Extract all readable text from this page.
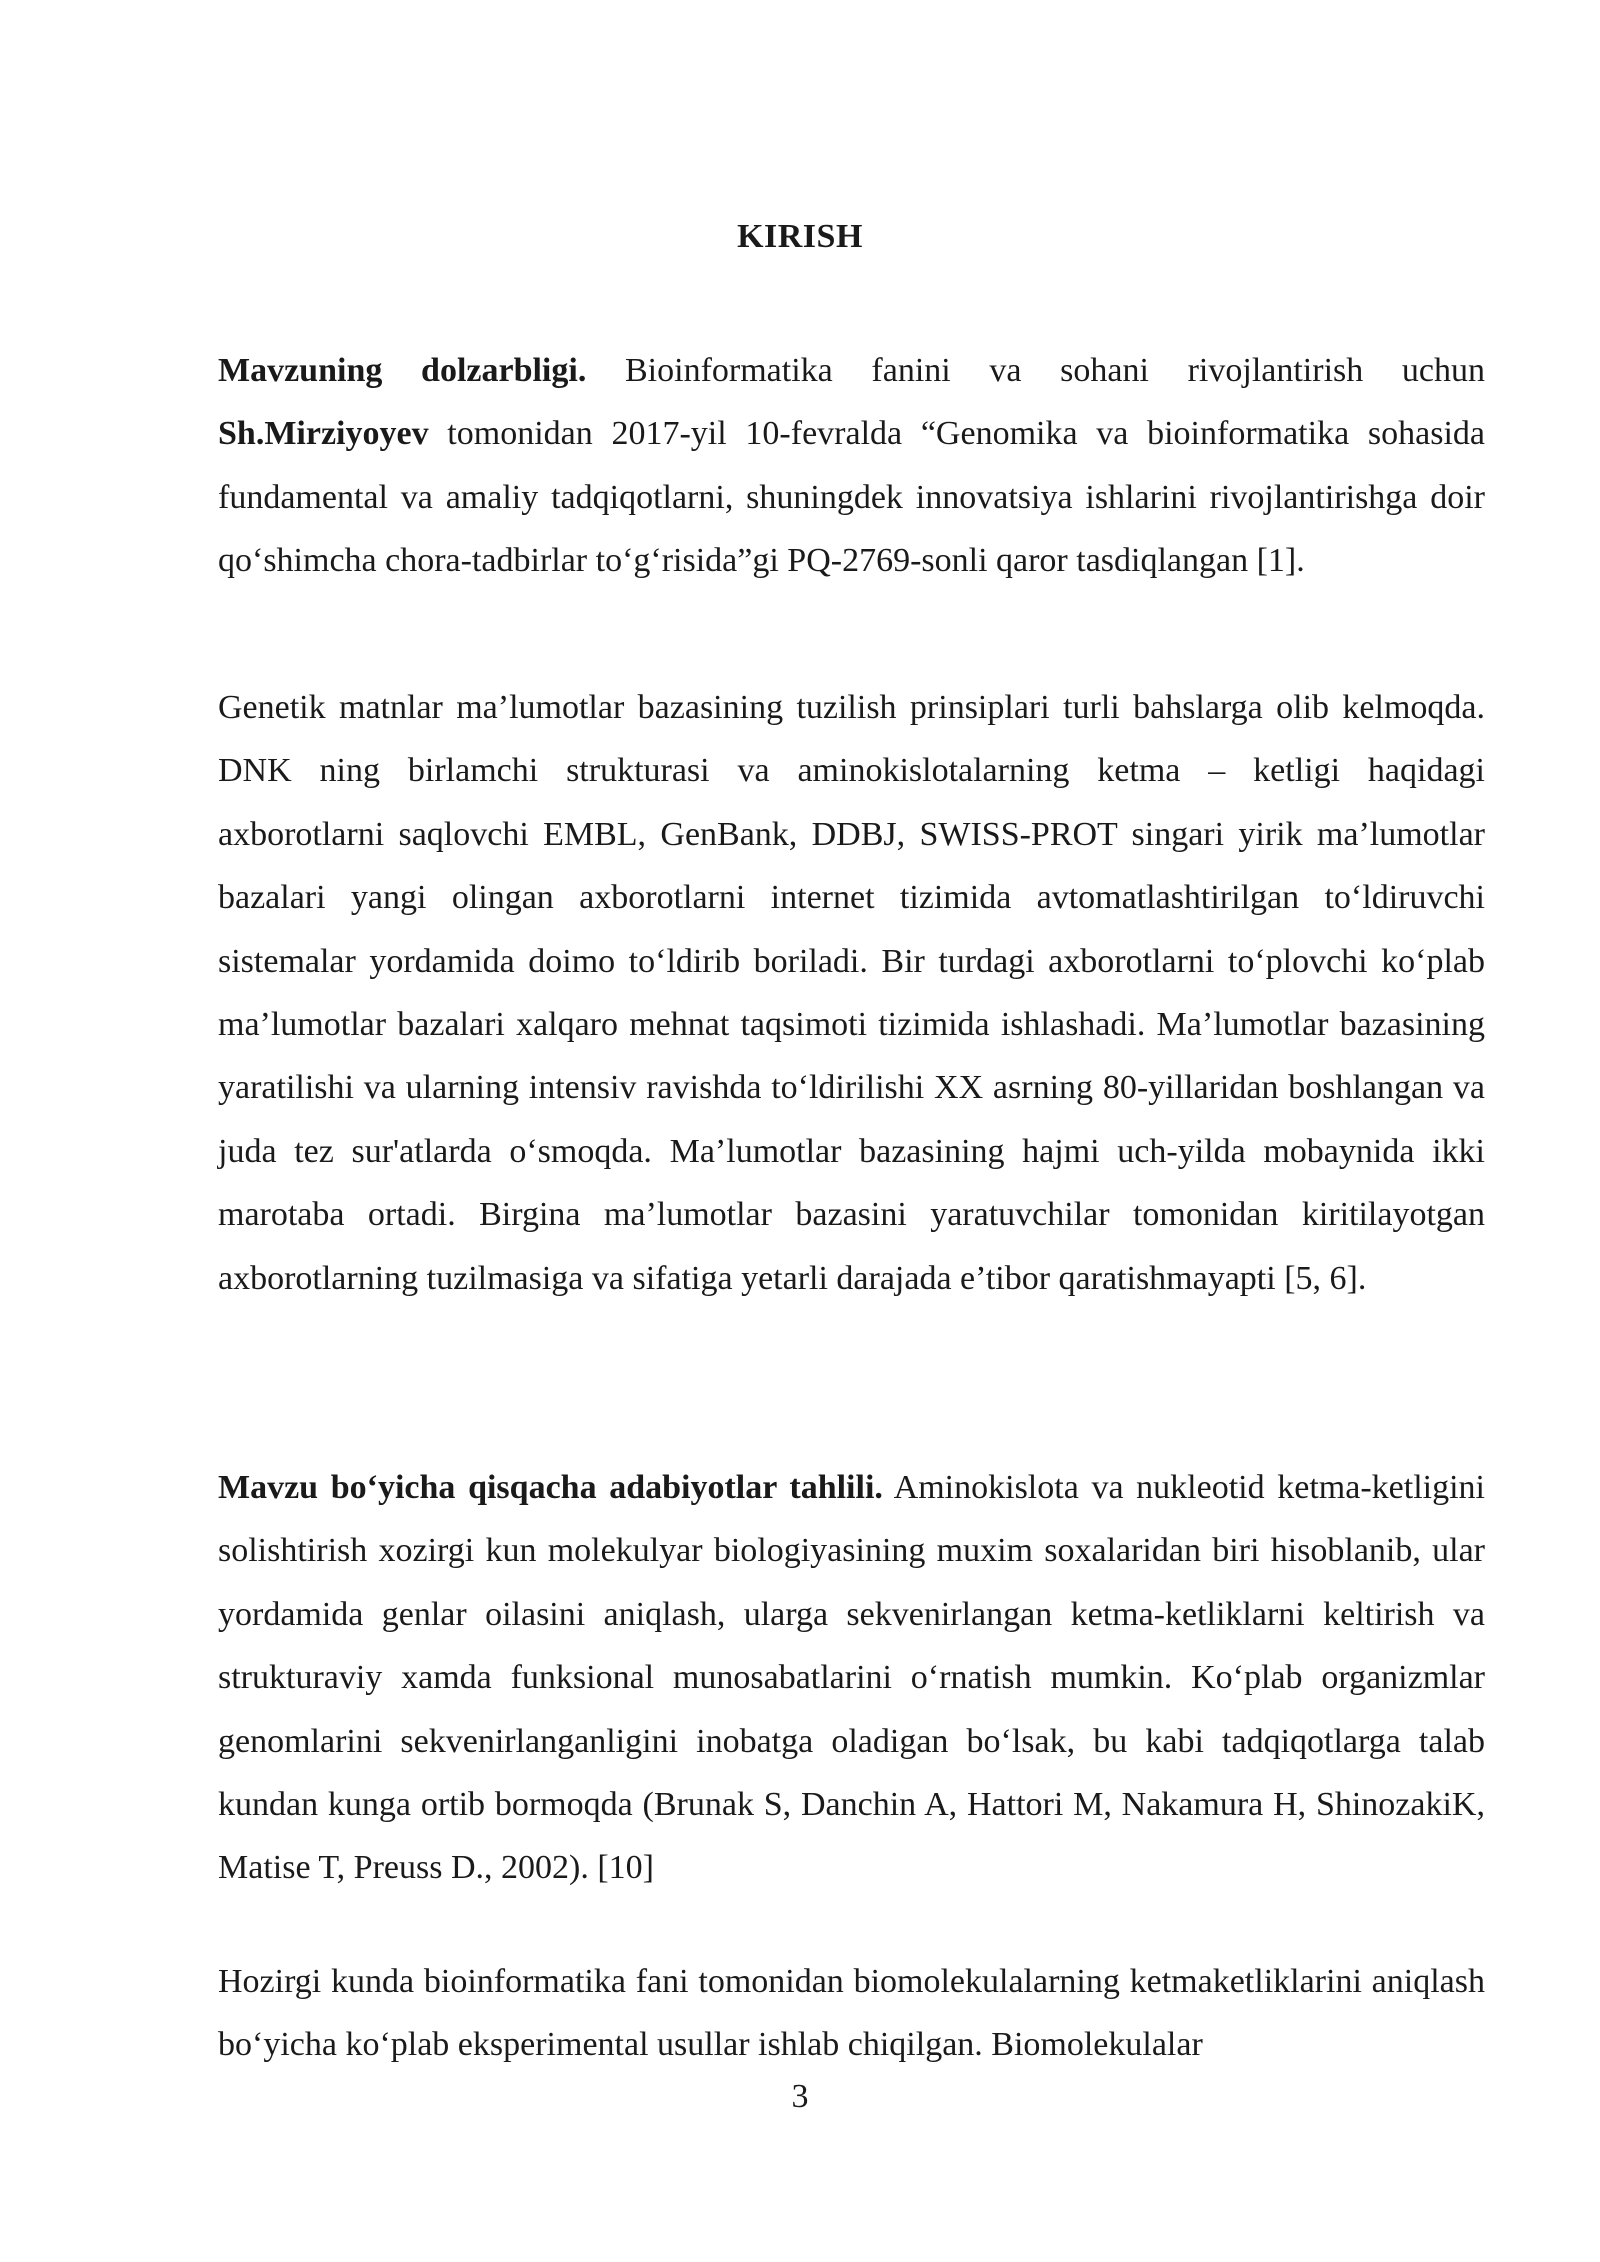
KIRISH

Mavzuning dolzarbligi. Bioinformatika fanini va sohani rivojlantirish uchun Sh.Mirziyoyev tomonidan 2017-yil 10-fevralda “Genomika va bioinformatika sohasida fundamental va amaliy tadqiqotlarni, shuningdek innovatsiya ishlarini rivojlantirishga doir qo‘shimcha chora-tadbirlar to‘g‘risida”gi PQ-2769-sonli qaror tasdiqlangan [1].

Genetik matnlar ma’lumotlar bazasining tuzilish prinsiplari turli bahslarga olib kelmoqda. DNK ning birlamchi strukturasi va aminokislotalarning ketma – ketligi haqidagi axborotlarni saqlovchi EMBL, GenBank, DDBJ, SWISS-PROT singari yirik ma’lumotlar bazalari yangi olingan axborotlarni internet tizimida avtomatlashtirilgan to‘ldiruvchi sistemalar yordamida doimo to‘ldirib boriladi. Bir turdagi axborotlarni to‘plovchi ko‘plab ma’lumotlar bazalari xalqaro mehnat taqsimoti tizimida ishlashadi. Ma’lumotlar bazasining yaratilishi va ularning intensiv ravishda to‘ldirilishi XX asrning 80-yillaridan boshlangan va juda tez sur'atlarda o‘smoqda. Ma’lumotlar bazasining hajmi uch-yilda mobaynida ikki marotaba ortadi. Birgina ma’lumotlar bazasini yaratuvchilar tomonidan kiritilayotgan axborotlarning tuzilmasiga va sifatiga yetarli darajada e’tibor qaratishmayapti [5, 6].

Mavzu bo‘yicha qisqacha adabiyotlar tahlili. Aminokislota va nukleotid ketma-ketligini solishtirish xozirgi kun molekulyar biologiyasining muxim soxalaridan biri hisoblanib, ular yordamida genlar oilasini aniqlash, ularga sekvenirlangan ketma-ketliklarni keltirish va strukturaviy xamda funksional munosabatlarini o‘rnatish mumkin. Ko‘plab organizmlar genomlarini sekvenirlanganligini inobatga oladigan bo‘lsak, bu kabi tadqiqotlarga talab kundan kunga ortib bormoqda (Brunak S, Danchin A, Hattori M, Nakamura H, ShinozakiK, Matise T, Preuss D., 2002). [10]

Hozirgi kunda bioinformatika fani tomonidan biomolekulalarning ketmaketliklarini aniqlash bo‘yicha ko‘plab eksperimental usullar ishlab chiqilgan. Biomolekulalar

3
